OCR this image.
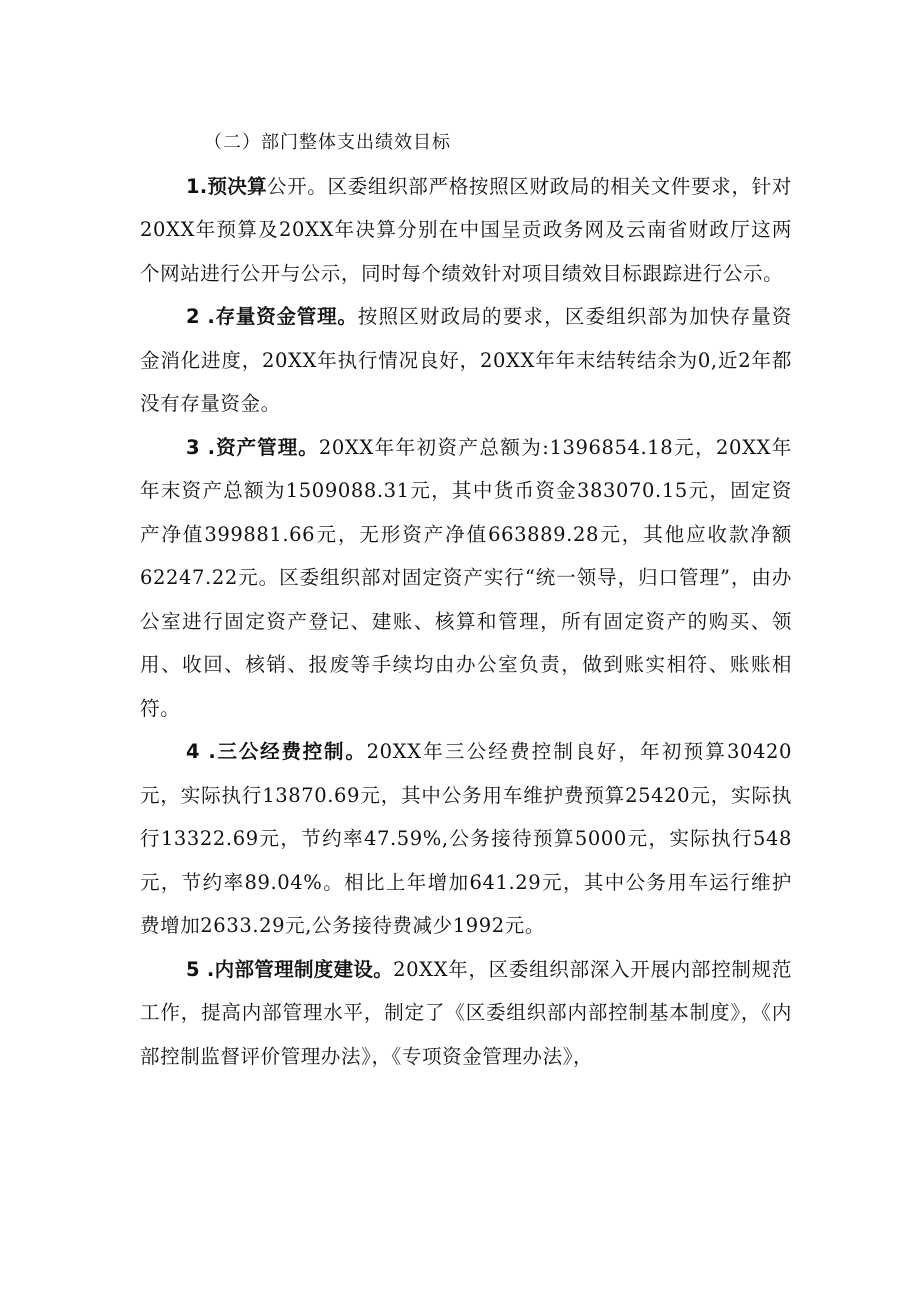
（二）部门整体支出绩效目标

1.预决算公开。区委组织部严格按照区财政局的相关文件要求，针对20XX年预算及20XX年决算分别在中国呈贡政务网及云南省财政厅这两个网站进行公开与公示，同时每个绩效针对项目绩效目标跟踪进行公示。

2 .存量资金管理。按照区财政局的要求，区委组织部为加快存量资金消化进度，20XX年执行情况良好，20XX年年末结转结余为0,近2年都没有存量资金。

3 .资产管理。20XX年年初资产总额为:1396854.18元，20XX年年末资产总额为1509088.31元，其中货币资金383070.15元，固定资产净值399881.66元，无形资产净值663889.28元，其他应收款净额62247.22元。区委组织部对固定资产实行“统一领导，归口管理”，由办公室进行固定资产登记、建账、核算和管理，所有固定资产的购买、领用、收回、核销、报废等手续均由办公室负责，做到账实相符、账账相符。

4 .三公经费控制。20XX年三公经费控制良好，年初预算30420元，实际执行13870.69元，其中公务用车维护费预算25420元，实际执行13322.69元，节约率47.59%,公务接待预算5000元，实际执行548元，节约率89.04%。相比上年增加641.29元，其中公务用车运行维护费增加2633.29元,公务接待费减少1992元。

5 .内部管理制度建设。20XX年，区委组织部深入开展内部控制规范工作，提高内部管理水平，制定了《区委组织部内部控制基本制度》，《内部控制监督评价管理办法》，《专项资金管理办法》，
